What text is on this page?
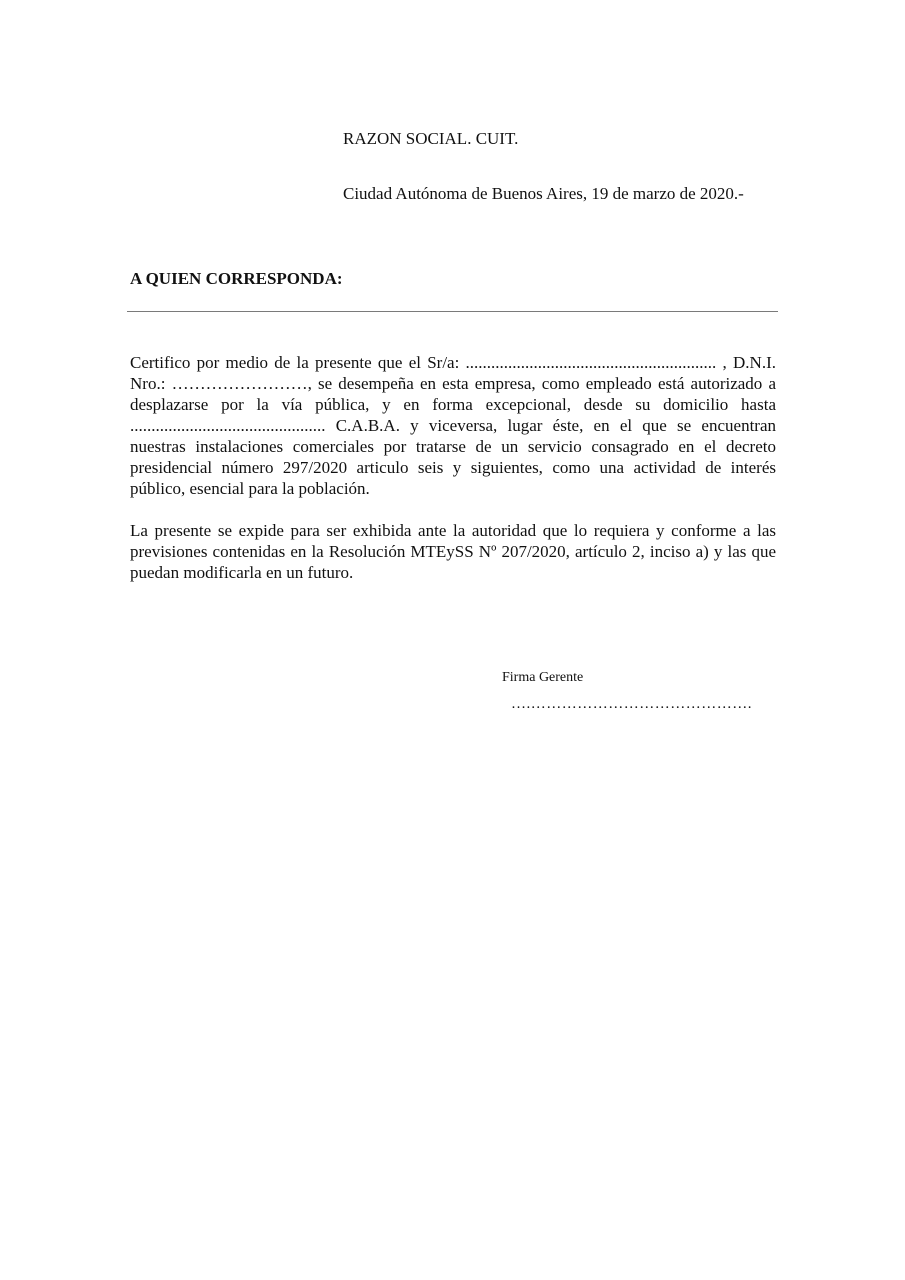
RAZON SOCIAL. CUIT.
Ciudad Autónoma de Buenos Aires, 19 de marzo de 2020.-
A QUIEN CORRESPONDA:

Certifico por medio de la presente que el Sr/a: ........................................................... , D.N.I. Nro.: ……………………, se desempeña en esta empresa, como empleado está autorizado a desplazarse por la vía pública, y en forma excepcional, desde su domicilio hasta .............................................. C.A.B.A. y viceversa, lugar éste, en el que se encuentran nuestras instalaciones comerciales por tratarse de un servicio consagrado en el decreto presidencial número 297/2020 articulo seis y siguientes, como una actividad de interés público, esencial para la población.

La presente se expide para ser exhibida ante la autoridad que lo requiera y conforme a las previsiones contenidas en la Resolución MTEySS Nº 207/2020, artículo 2, inciso a) y las que puedan modificarla en un futuro.

Firma Gerente
….…………………………………….
